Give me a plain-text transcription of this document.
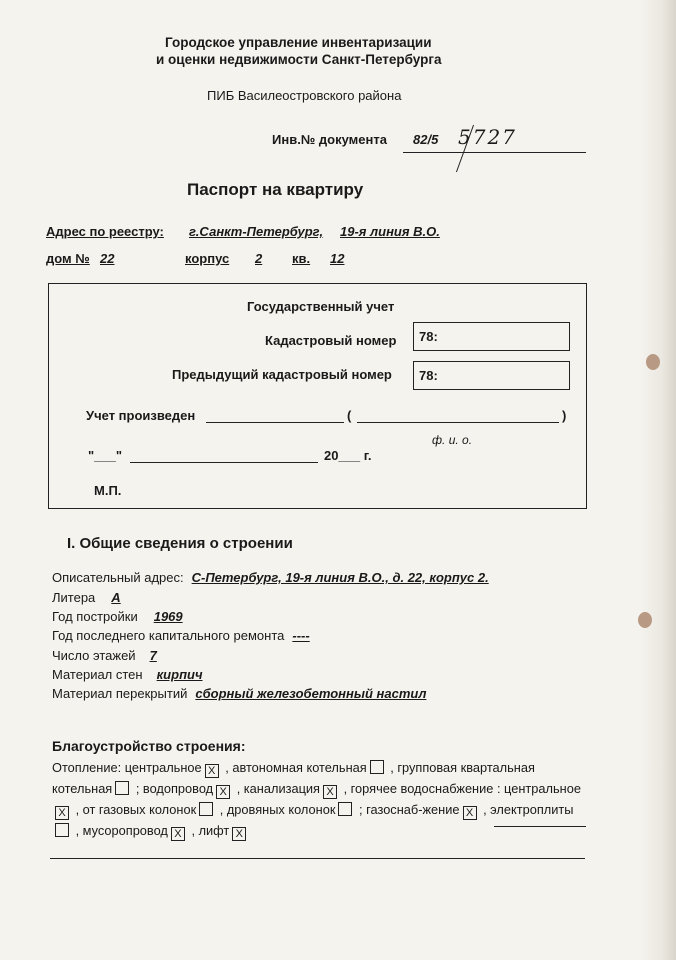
Городское управление инвентаризации
и оценки недвижимости Санкт-Петербурга
ПИБ Василеостровского района
Инв.№ документа 82/5 5727
Паспорт на квартиру
Адрес по реестру: г.Санкт-Петербург, 19-я линия В.О.
дом № 22	корпус 2 кв. 12
Государственный учет
Кадастровый номер	78:
Предыдущий кадастровый номер	78:
Учет произведен	(	)
ф. и. о.
"___"	20___ г.
М.П.
I. Общие сведения о строении
Описательный адрес: С-Петербург, 19-я линия В.О., д. 22, корпус 2.
Литера А
Год постройки 1969
Год последнего капитального ремонта ----
Число этажей 7
Материал стен кирпич
Материал перекрытий сборный железобетонный настил
Благоустройство строения:
Отопление: центральное X , автономная котельная , групповая квартальная котельная ; водопровод X , канализация X , горячее водоснабжение : центральноеX , от газовых колонок , дровяных колонок ; газоснаб-жение X , электроплиты , мусоропровод X , лифт X
